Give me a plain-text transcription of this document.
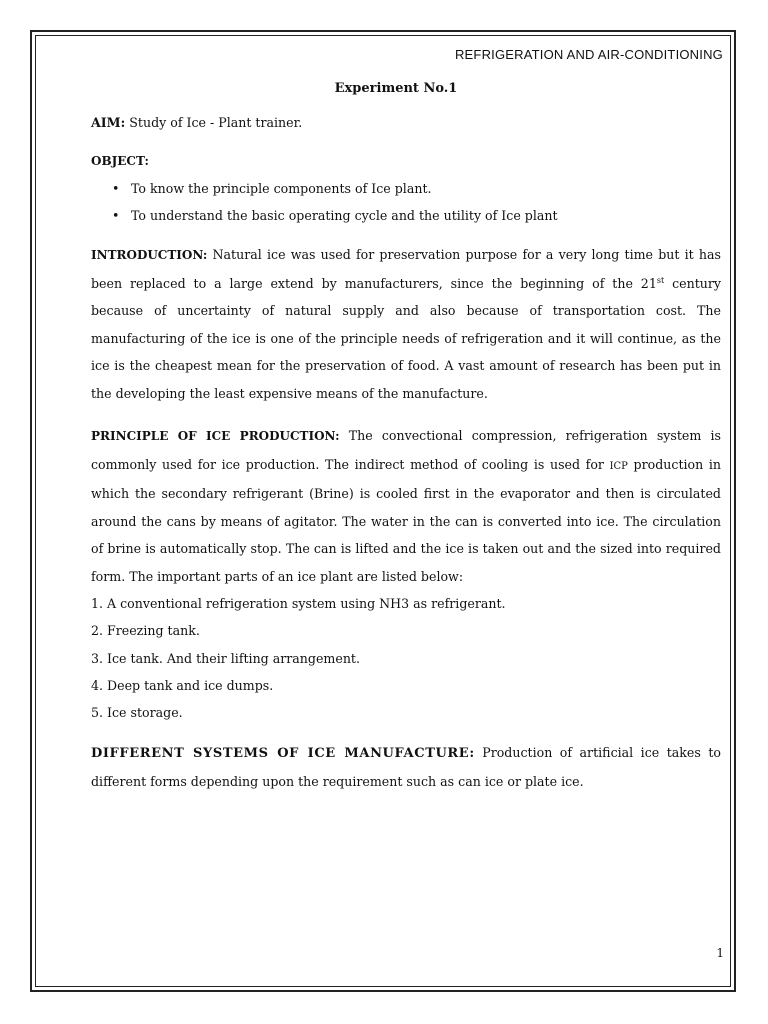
REFRIGERATION AND AIR-CONDITIONING

Experiment No.1

AIM: Study of Ice - Plant trainer.

OBJECT:

• To know the principle components of Ice plant.
• To understand the basic operating cycle and the utility of Ice plant

INTRODUCTION: Natural ice was used for preservation purpose for a very long time but it has been replaced to a large extend by manufacturers, since the beginning of the 21st century because of uncertainty of natural supply and also because of transportation cost. The manufacturing of the ice is one of the principle needs of refrigeration and it will continue, as the ice is the cheapest mean for the preservation of food. A vast amount of research has been put in the developing the least expensive means of the manufacture.

PRINCIPLE OF ICE PRODUCTION: The convectional compression, refrigeration system is commonly used for ice production. The indirect method of cooling is used for ICP production in which the secondary refrigerant (Brine) is cooled first in the evaporator and then is circulated around the cans by means of agitator. The water in the can is converted into ice. The circulation of brine is automatically stop. The can is lifted and the ice is taken out and the sized into required form. The important parts of an ice plant are listed below:

1. A conventional refrigeration system using NH3 as refrigerant.
2. Freezing tank.
3. Ice tank. And their lifting arrangement.
4. Deep tank and ice dumps.
5. Ice storage.

DIFFERENT SYSTEMS OF ICE MANUFACTURE: Production of artificial ice takes to different forms depending upon the requirement such as can ice or plate ice.

1
